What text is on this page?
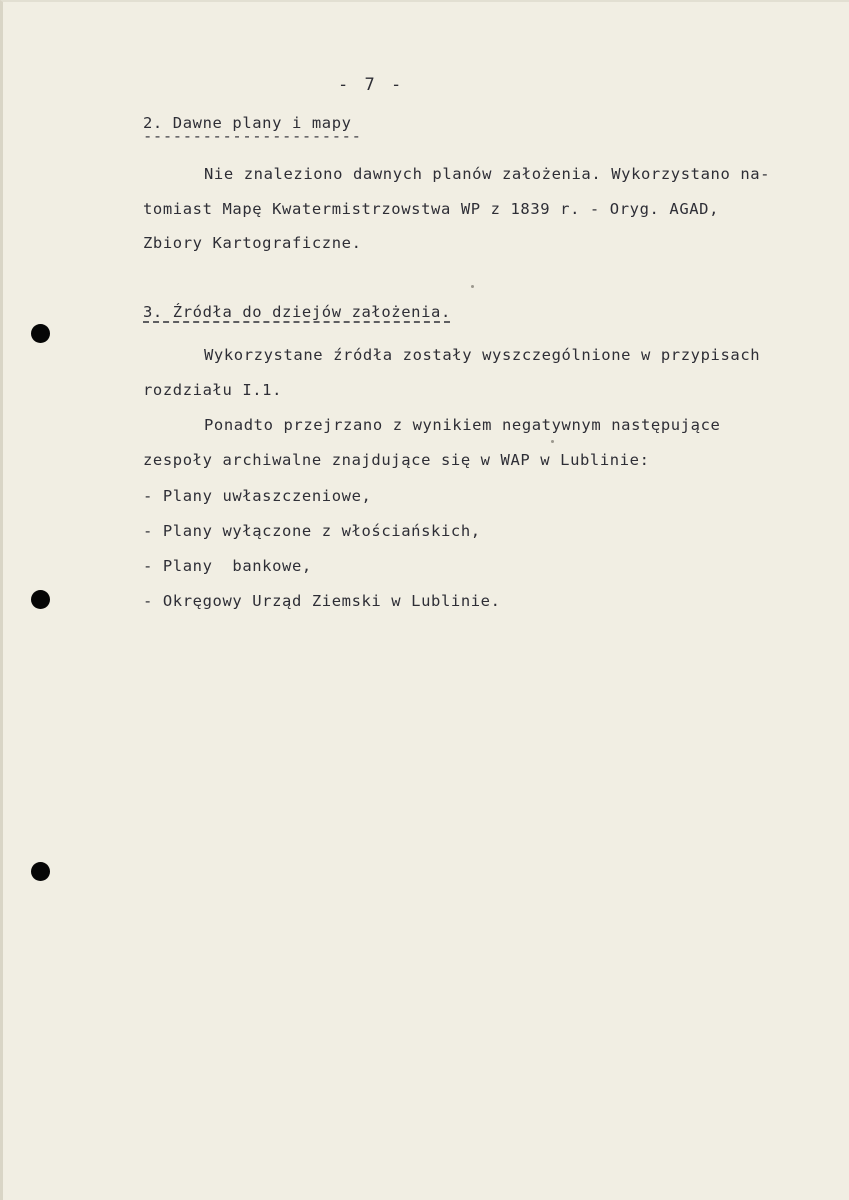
- 7 -
2. Dawne plany i mapy
----------------------
Nie znaleziono dawnych planów założenia. Wykorzystano na-
tomiast Mapę Kwatermistrzowstwa WP z 1839 r. - Oryg. AGAD,
Zbiory Kartograficzne.
3. Źródła do dziejów założenia.
Wykorzystane źródła zostały wyszczególnione w przypisach
rozdziału I.1.
Ponadto przejrzano z wynikiem negatywnym następujące
zespoły archiwalne znajdujące się w WAP w Lublinie:
- Plany uwłaszczeniowe,
- Plany wyłączone z włościańskich,
- Plany  bankowe,
- Okręgowy Urząd Ziemski w Lublinie.
